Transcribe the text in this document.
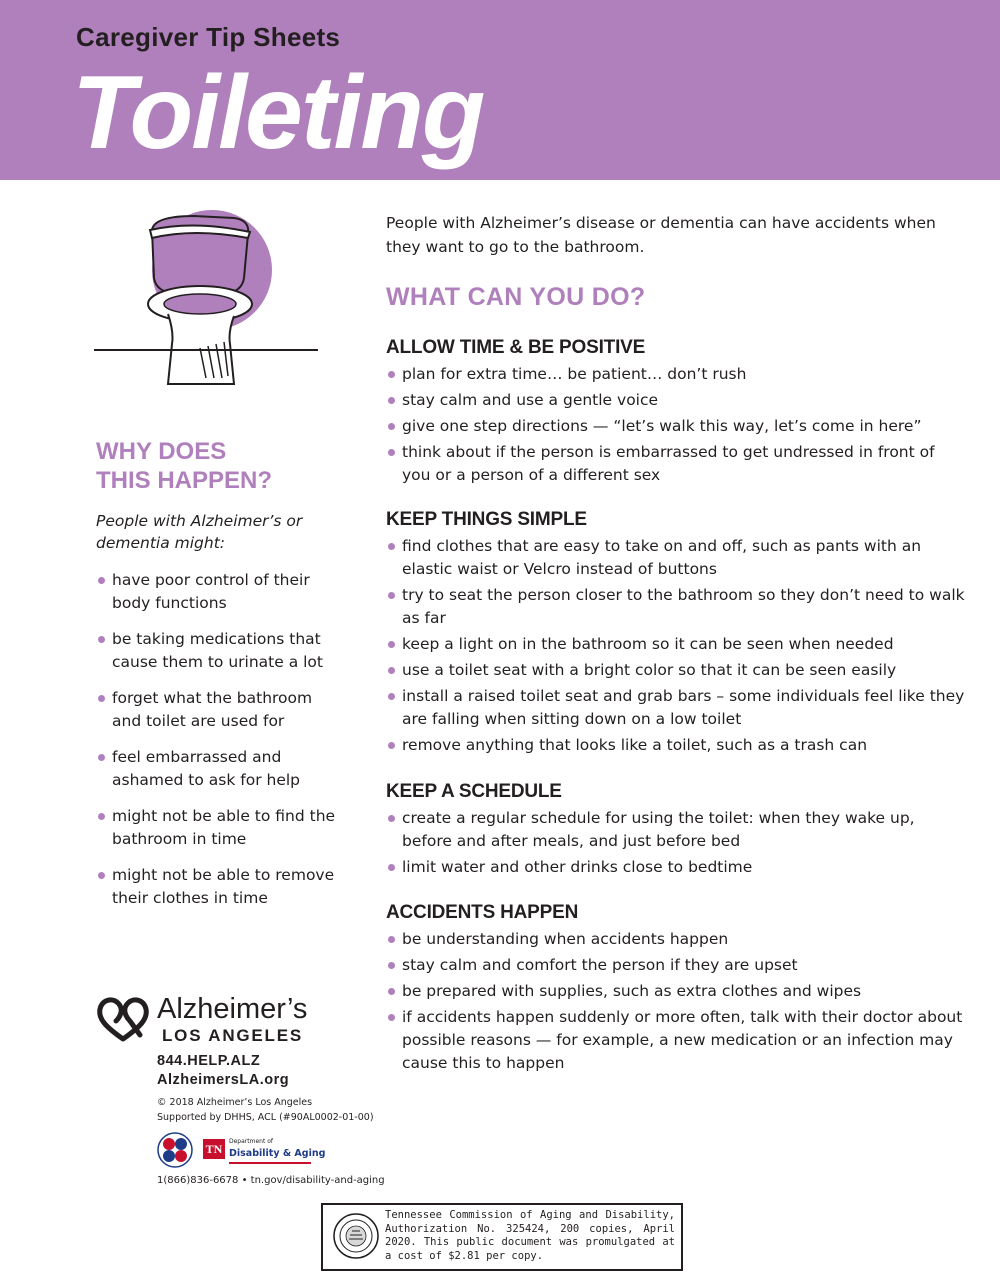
Caregiver Tip Sheets
Toileting
People with Alzheimer’s disease or dementia can have accidents when they want to go to the bathroom.
WHAT CAN YOU DO?
ALLOW TIME & BE POSITIVE
plan for extra time… be patient… don’t rush
stay calm and use a gentle voice
give one step directions — “let’s walk this way, let’s come in here”
think about if the person is embarrassed to get undressed in front of you or a person of a different sex
KEEP THINGS SIMPLE
find clothes that are easy to take on and off, such as pants with an elastic waist or Velcro instead of buttons
try to seat the person closer to the bathroom so they don’t need to walk as far
keep a light on in the bathroom so it can be seen when needed
use a toilet seat with a bright color so that it can be seen easily
install a raised toilet seat and grab bars – some individuals feel like they are falling when sitting down on a low toilet
remove anything that looks like a toilet, such as a trash can
KEEP A SCHEDULE
create a regular schedule for using the toilet: when they wake up, before and after meals, and just before bed
limit water and other drinks close to bedtime
ACCIDENTS HAPPEN
be understanding when accidents happen
stay calm and comfort the person if they are upset
be prepared with supplies, such as extra clothes and wipes
if accidents happen suddenly or more often, talk with their doctor about possible reasons — for example, a new medication or an infection may cause this to happen
WHY DOES
THIS HAPPEN?
People with Alzheimer’s or dementia might:
have poor control of their body functions
be taking medications that cause them to urinate a lot
forget what the bathroom and toilet are used for
feel embarrassed and ashamed to ask for help
might not be able to find the bathroom in time
might not be able to remove their clothes in time
Alzheimer’s
LOS ANGELES
844.HELP.ALZ
AlzheimersLA.org
© 2018 Alzheimer’s Los Angeles
Supported by DHHS, ACL (#90AL0002-01-00)
TN
Department of
Disability & Aging
1(866)836-6678 • tn.gov/disability-and-aging
Tennessee Commission of Aging and Disability, Authorization No. 325424, 200 copies, April 2020. This public document was promulgated at a cost of $2.81 per copy.
